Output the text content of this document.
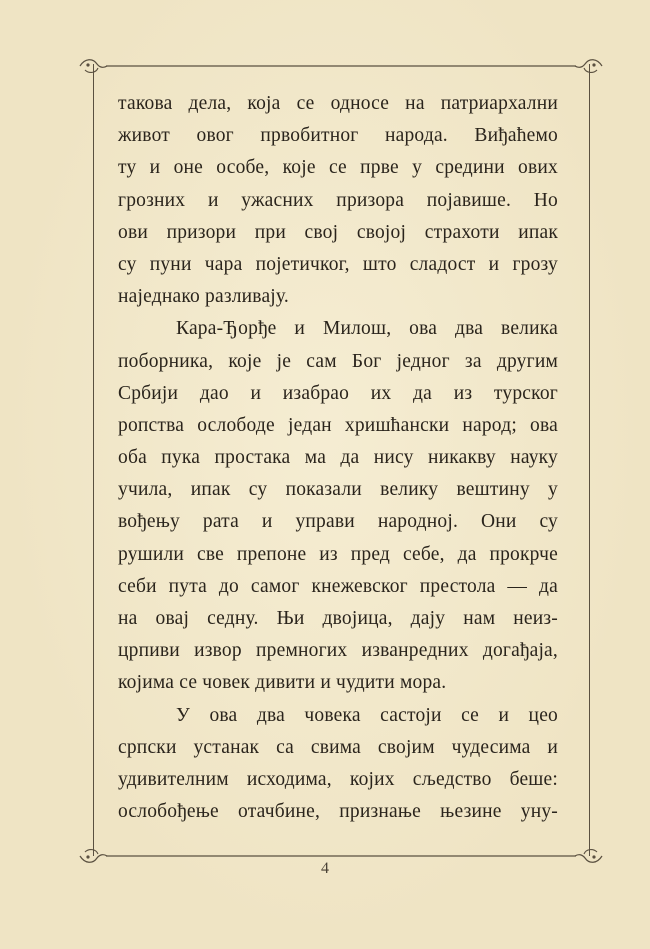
такова дела, која се односе на патриархални
живот овог првобитног народа. Виђаћемо
ту и оне особе, које се прве у средини ових
грозних и ужасних призора појавише. Но
ови призори при свој својој страхоти ипак
су пуни чара појетичког, што сладост и грозу
наједнако разливају.
Кара-Ђорђе и Милош, ова два велика
поборника, које је сам Бог једног за другим
Србији дао и изабрао их да из турског
ропства ослободе један хришћански народ; ова
оба пука простака ма да нису никакву науку
учила, ипак су показали велику вештину у
вођењу рата и управи народној. Они су
рушили све препоне из пред себе, да прокрче
себи пута до самог кнежевског престола — да
на овај седну. Њи двојица, дају нам неиз-
црпиви извор премногих изванредних догађаја,
којима се човек дивити и чудити мора.
У ова два човека састоји се и цео
српски устанак са свима својим чудесима и
удивителним исходима, којих сљедство беше:
ослобођење отачбине, признање њезине уну-
4
